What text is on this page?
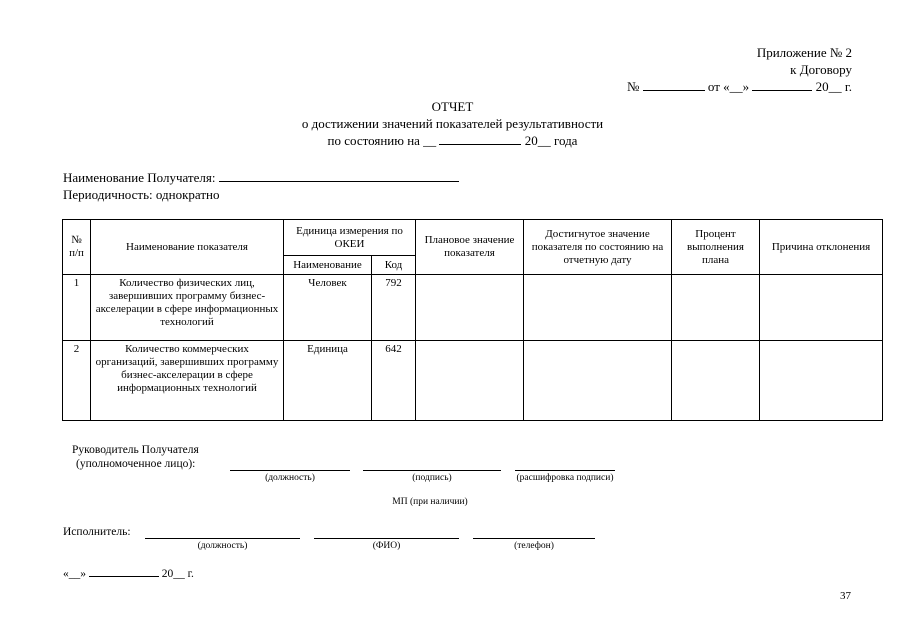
Приложение № 2
к Договору
№	от «__»	20__ г.
ОТЧЕТ
о достижении значений показателей результативности
по состоянию на __	20__ года
Наименование Получателя:
Периодичность: однократно
№ п/п	Наименование показателя	Единица измерения по ОКЕИ		Плановое значение показателя	Достигнутое значение показателя по состоянию на отчетную дату	Процент выполнения плана	Причина отклонения
		Наименование	Код				
1	Количество физических лиц, завершивших программу бизнес-акселерации в сфере информационных технологий	Человек	792				
2	Количество коммерческих организаций, завершивших программу бизнес-акселерации в сфере информационных технологий	Единица	642				
Руководитель Получателя
(уполномоченное лицо):
(должность)	(подпись)	(расшифровка подписи)
МП (при наличии)
Исполнитель:
(должность)	(ФИО)	(телефон)
«__»	20__ г.
37
